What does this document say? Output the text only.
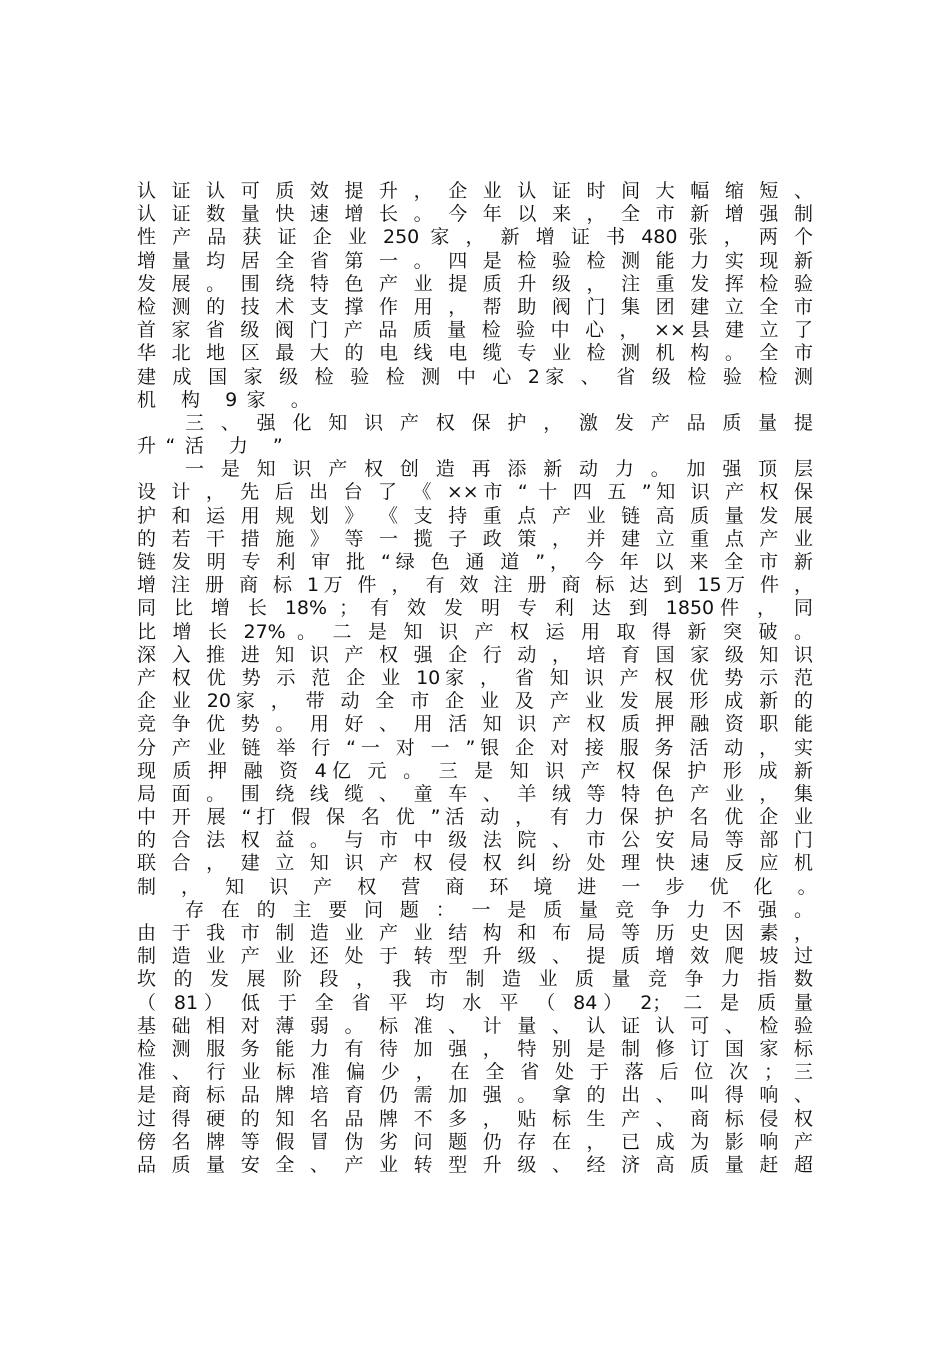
认 证 认 可 质 效 提 升 ， 企 业 认 证 时 间 大 幅 缩 短 、
认 证 数 量 快 速 增 长 。 今 年 以 来 ， 全 市 新 增 强 制
性 产 品 获 证 企 业 250 家 ， 新 增 证 书 480 张 ， 两 个
增 量 均 居 全 省 第 一 。 四 是 检 验 检 测 能 力 实 现 新
发 展 。 围 绕 特 色 产 业 提 质 升 级 ， 注 重 发 挥 检 验
检 测 的 技 术 支 撑 作 用 ， 帮 助 阀 门 集 团 建 立 全 市
首 家 省 级 阀 门 产 品 质 量 检 验 中 心 ， ××县 建 立 了
华 北 地 区 最 大 的 电 线 电 缆 专 业 检 测 机 构 。 全 市
建 成 国 家 级 检 验 检 测 中 心 2家 、 省 级 检 验 检 测
机 构 9家 。
三 、 强 化 知 识 产 权 保 护 ， 激 发 产 品 质 量 提
升“活 力 ”
一 是 知 识 产 权 创 造 再 添 新 动 力 。 加 强 顶 层
设 计 ， 先 后 出 台 了 《 ××市 “ 十 四 五 ”知 识 产 权 保
护 和 运 用 规 划 》 《 支 持 重 点 产 业 链 高 质 量 发 展
的 若 干 措 施 》 等 一 揽 子 政 策 ， 并 建 立 重 点 产 业
链 发 明 专 利 审 批 “绿 色 通 道 ”， 今 年 以 来 全 市 新
增 注 册 商 标 1万 件 ， 有 效 注 册 商 标 达 到 15万 件 ，
同 比 增 长 18% ； 有 效 发 明 专 利 达 到 1850件 ， 同
比 增 长 27% 。 二 是 知 识 产 权 运 用 取 得 新 突 破 。
深 入 推 进 知 识 产 权 强 企 行 动 ， 培 育 国 家 级 知 识
产 权 优 势 示 范 企 业 10家 ， 省 知 识 产 权 优 势 示 范
企 业 20家 ， 带 动 全 市 企 业 及 产 业 发 展 形 成 新 的
竞 争 优 势 。 用 好 、 用 活 知 识 产 权 质 押 融 资 职 能
分 产 业 链 举 行 “一 对 一 ”银 企 对 接 服 务 活 动 ， 实
现 质 押 融 资 4亿 元 。 三 是 知 识 产 权 保 护 形 成 新
局 面 。 围 绕 线 缆 、 童 车 、 羊 绒 等 特 色 产 业 ， 集
中 开 展 “打 假 保 名 优 ”活 动 ， 有 力 保 护 名 优 企 业
的 合 法 权 益 。 与 市 中 级 法 院 、 市 公 安 局 等 部 门
联 合 ， 建 立 知 识 产 权 侵 权 纠 纷 处 理 快 速 反 应 机
制 ， 知 识 产 权 营 商 环 境 进 一 步 优 化 。
存 在 的 主 要 问 题 ： 一 是 质 量 竞 争 力 不 强 。
由 于 我 市 制 造 业 产 业 结 构 和 布 局 等 历 史 因 素 ，
制 造 业 产 业 还 处 于 转 型 升 级 、 提 质 增 效 爬 坡 过
坎 的 发 展 阶 段 ， 我 市 制 造 业 质 量 竞 争 力 指 数
（ 81） 低 于 全 省 平 均 水 平 （ 84） 2； 二 是 质 量
基 础 相 对 薄 弱 。 标 准 、 计 量 、 认 证 认 可 、 检 验
检 测 服 务 能 力 有 待 加 强 ， 特 别 是 制 修 订 国 家 标
准 、 行 业 标 准 偏 少 ， 在 全 省 处 于 落 后 位 次 ； 三
是 商 标 品 牌 培 育 仍 需 加 强 。 拿 的 出 、 叫 得 响 、
过 得 硬 的 知 名 品 牌 不 多 ， 贴 标 生 产 、 商 标 侵 权
傍 名 牌 等 假 冒 伪 劣 问 题 仍 存 在 ， 已 成 为 影 响 产
品 质 量 安 全 、 产 业 转 型 升 级 、 经 济 高 质 量 赶 超
